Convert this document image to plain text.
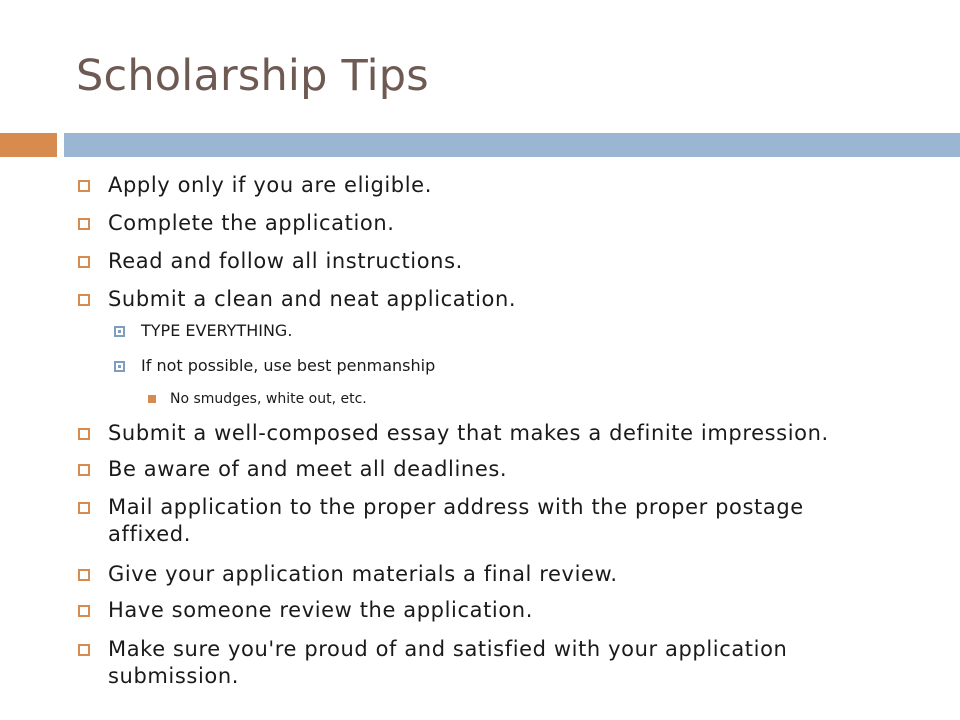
Scholarship Tips
Apply only if you are eligible.
Complete the application.
Read and follow all instructions.
Submit a clean and neat application.
TYPE EVERYTHING.
If not possible, use best penmanship
No smudges, white out, etc.
Submit a well-composed essay that makes a definite impression.
Be aware of and meet all deadlines.
Mail application to the proper address with the proper postage affixed.
Give your application materials a final review.
Have someone review the application.
Make sure you're proud of and satisfied with your application submission.
